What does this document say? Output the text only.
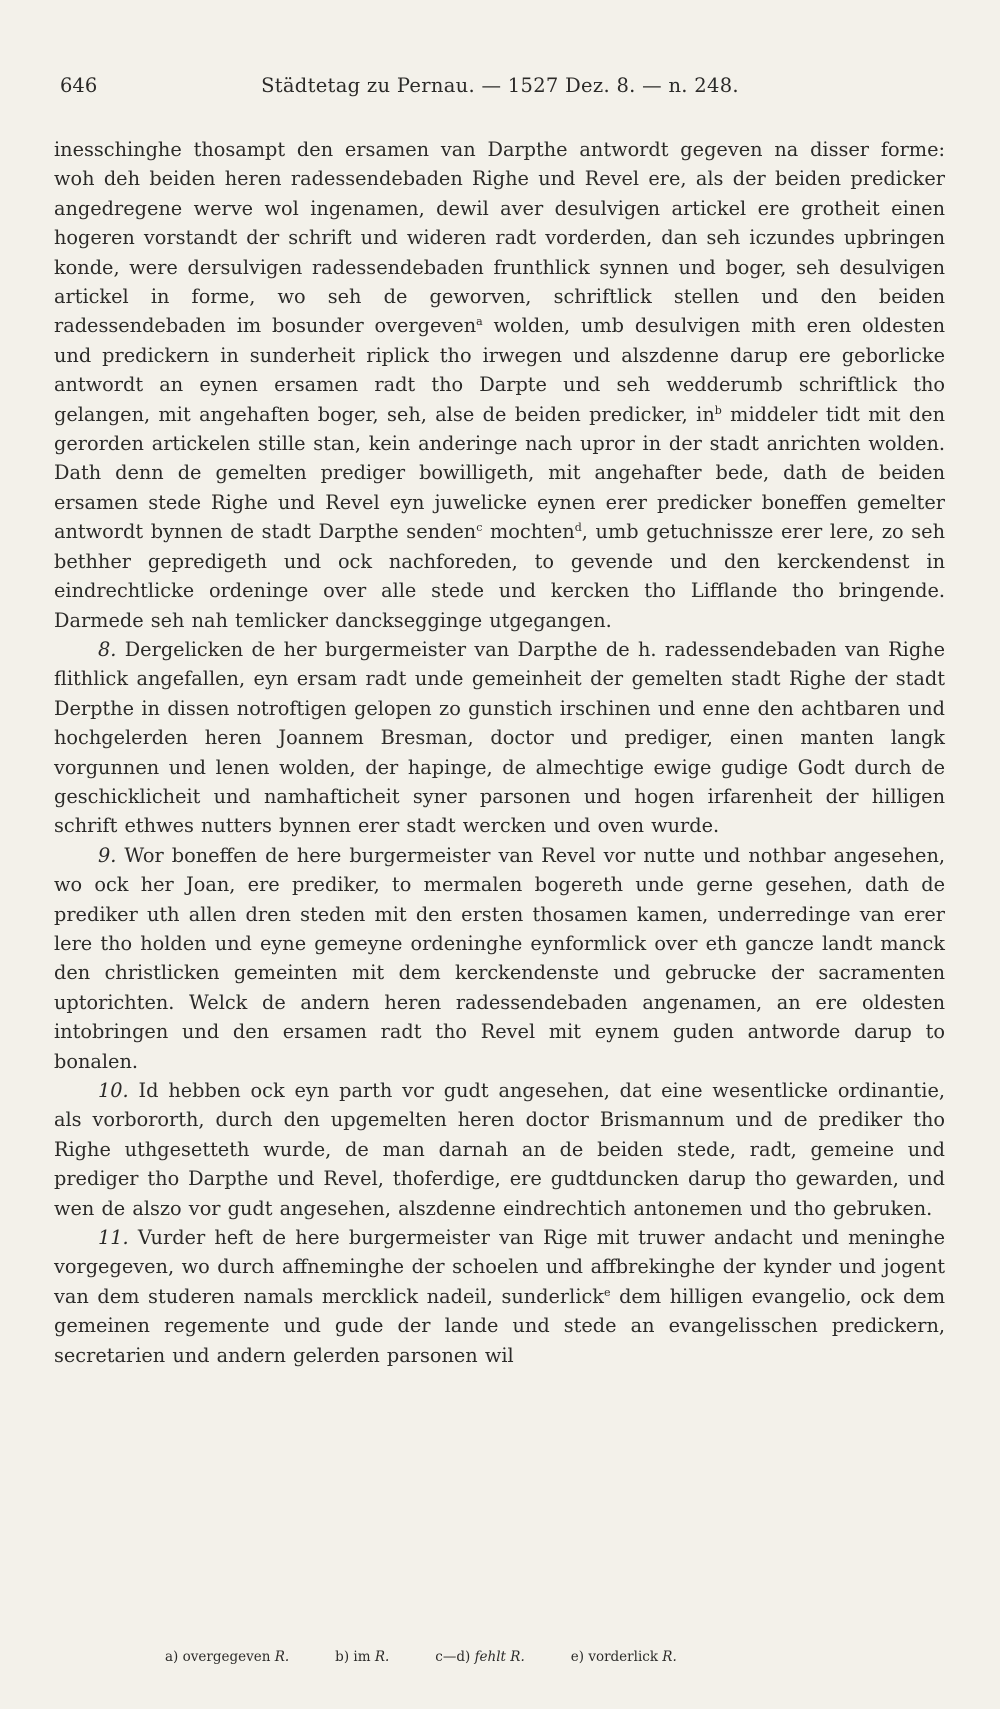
646	Städtetag zu Pernau. — 1527 Dez. 8. — n. 248.

inesschinghe thosampt den ersamen van Darpthe antwordt gegeven na disser forme: woh deh beiden heren radessendebaden Righe und Revel ere, als der beiden predicker angedregene werve wol ingenamen, dewil aver desulvigen artickel ere grotheit einen hogeren vorstandt der schrift und wideren radt vorderden, dan seh iczundes upbringen konde, were dersulvigen radessendebaden frunthlick synnen und boger, seh desulvigen artickel in forme, wo seh de geworven, schriftlick stellen und den beiden radessendebaden im bosunder overgeven$^a$ wolden, umb desulvigen mith eren oldesten und predickern in sunderheit riplick tho irwegen und alszdenne darup ere geborlicke antwordt an eynen ersamen radt tho Darpte und seh wedderumb schriftlick tho gelangen, mit angehaften boger, seh, alse de beiden predicker, $in^b$ middeler tidt mit den gerorden artickelen stille stan, kein anderinge nach upror in der stadt anrichten wolden. Dath denn de gemelten prediger bowilligeth, mit angehafter bede, dath de beiden ersamen stede Righe und Revel eyn juwelicke eynen erer predicker boneffen gemelter antwordt bynnen de stadt Darpthe senden$^c$ mochten$^d$, umb getuchnissze erer lere, zo seh bethher gepredigeth und ock nachforeden, to gevende und den kerckendenst in eindrechtlicke ordeninge over alle stede und kercken tho Lifflande tho bringende. Darmede seh nah temlicker dancksegginge utgegangen.

8. Dergelicken de her burgermeister van Darpthe de h. radessendebaden van Righe flithlick angefallen, eyn ersam radt unde gemeinheit der gemelten stadt Righe der stadt Derpthe in dissen notroftigen gelopen zo gunstich irschinen und enne den achtbaren und hochgelerden heren Joannem Bresman, doctor und prediger, einen manten langk vorgunnen und lenen wolden, der hapinge, de almechtige ewige gudige Godt durch de geschicklicheit und namhafticheit syner parsonen und hogen irfarenheit der hilligen schrift ethwes nutters bynnen erer stadt wercken und oven wurde.

9. Wor boneffen de here burgermeister van Revel vor nutte und nothbar angesehen, wo ock her Joan, ere prediker, to mermalen bogereth unde gerne gesehen, dath de prediker uth allen dren steden mit den ersten thosamen kamen, underredinge van erer lere tho holden und eyne gemeyne ordeninghe eynformlick over eth gancze landt manck den christlicken gemeinten mit dem kerckendenste und gebrucke der sacramenten uptorichten. Welck de andern heren radessendebaden angenamen, an ere oldesten intobringen und den ersamen radt tho Revel mit eynem guden antworde darup to bonalen.

10. Id hebben ock eyn parth vor gudt angesehen, dat eine wesentlicke ordinantie, als vorbororth, durch den upgemelten heren doctor Brismannum und de prediker tho Righe uthgesetteth wurde, de man darnah an de beiden stede, radt, gemeine und prediger tho Darpthe und Revel, thoferdige, ere gudtduncken darup tho gewarden, und wen de alszo vor gudt angesehen, alszdenne eindrechtich antonemen und tho gebruken.

11. Vurder heft de here burgermeister van Rige mit truwer andacht und meninghe vorgegeven, wo durch affneminghe der schoelen und affbrekinghe der kynder und jogent van dem studeren namals mercklick nadeil, sunderlick$^e$ dem hilligen evangelio, ock dem gemeinen regemente und gude der lande und stede an evangelisschen predickern, secretarien und andern gelerden parsonen wil

a) overgegeven R.	b) im R.	c—d) fehlt R.	e) vorderlick R.
